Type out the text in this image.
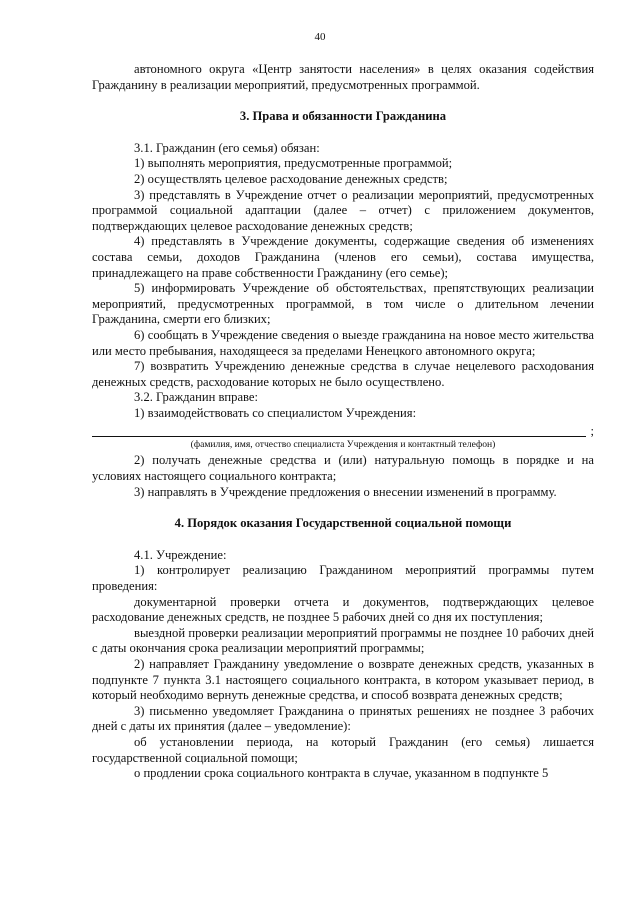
40

автономного округа «Центр занятости населения» в целях оказания содействия Гражданину в реализации мероприятий, предусмотренных программой.

3. Права и обязанности Гражданина

3.1. Гражданин (его семья) обязан:

1) выполнять мероприятия, предусмотренные программой;

2) осуществлять целевое расходование денежных средств;

3) представлять в Учреждение отчет о реализации мероприятий, предусмотренных программой социальной адаптации (далее – отчет) с приложением документов, подтверждающих целевое расходование денежных средств;

4) представлять в Учреждение документы, содержащие сведения об изменениях состава семьи, доходов Гражданина (членов его семьи), состава имущества, принадлежащего на праве собственности Гражданину (его семье);

5) информировать Учреждение об обстоятельствах, препятствующих реализации мероприятий, предусмотренных программой, в том числе о длительном лечении Гражданина, смерти его близких;

6) сообщать в Учреждение сведения о выезде гражданина на новое место жительства или место пребывания, находящееся за пределами Ненецкого автономного округа;

7) возвратить Учреждению денежные средства в случае нецелевого расходования денежных средств, расходование которых не было осуществлено.

3.2. Гражданин вправе:

1) взаимодействовать со специалистом Учреждения:

;

(фамилия, имя, отчество специалиста Учреждения и контактный телефон)

2) получать денежные средства и (или) натуральную помощь в порядке и на условиях настоящего социального контракта;

3) направлять в Учреждение предложения о внесении изменений в программу.

4. Порядок оказания Государственной социальной помощи

4.1. Учреждение:

1) контролирует реализацию Гражданином мероприятий программы путем проведения:

документарной проверки отчета и документов, подтверждающих целевое расходование денежных средств, не позднее 5 рабочих дней со дня их поступления;

выездной проверки реализации мероприятий программы не позднее 10 рабочих дней с даты окончания срока реализации мероприятий программы;

2) направляет Гражданину уведомление о возврате денежных средств, указанных в подпункте 7 пункта 3.1 настоящего социального контракта, в котором указывает период, в который необходимо вернуть денежные средства, и способ возврата денежных средств;

3) письменно уведомляет Гражданина о принятых решениях не позднее 3 рабочих дней с даты их принятия (далее – уведомление):

об установлении периода, на который Гражданин (его семья) лишается государственной социальной помощи;

о продлении срока социального контракта в случае, указанном в подпункте 5
